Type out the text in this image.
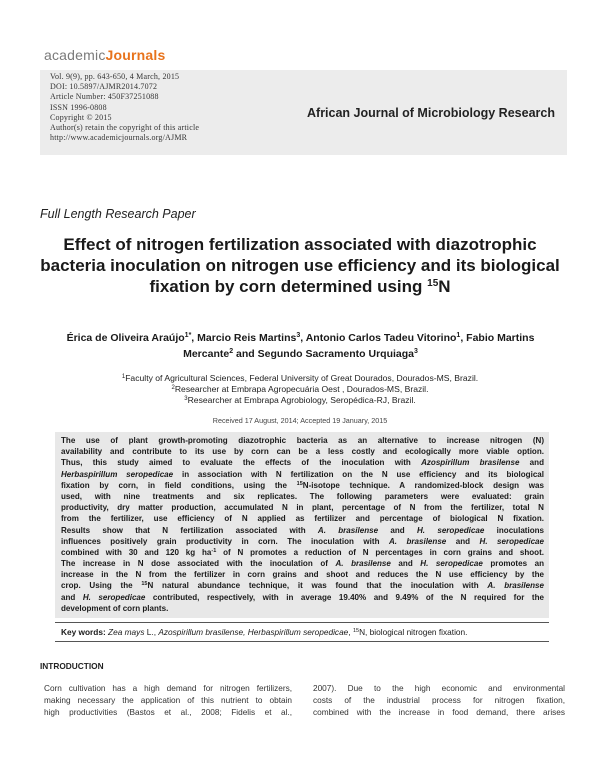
academicJournals
Vol. 9(9), pp. 643-650, 4 March, 2015
DOI: 10.5897/AJMR2014.7072
Article Number: 450F37251088
ISSN 1996-0808
Copyright © 2015
Author(s) retain the copyright of this article
http://www.academicjournals.org/AJMR
African Journal of Microbiology Research
Full Length Research Paper
Effect of nitrogen fertilization associated with diazotrophic bacteria inoculation on nitrogen use efficiency and its biological fixation by corn determined using $^{15}$N
Érica de Oliveira Araújo$^{1*}$, Marcio Reis Martins$^3$, Antonio Carlos Tadeu Vitorino$^1$, Fabio Martins Mercante$^2$ and Segundo Sacramento Urquiaga$^3$
$^1$Faculty of Agricultural Sciences, Federal University of Great Dourados, Dourados-MS, Brazil.
$^2$Researcher at Embrapa Agropecuária Oest , Dourados-MS, Brazil.
$^3$Researcher at Embrapa Agrobiology, Seropédica-RJ, Brazil.
Received 17 August, 2014; Accepted 19 January, 2015
The use of plant growth-promoting diazotrophic bacteria as an alternative to increase nitrogen (N)
availability and contribute to its use by corn can be a less costly and ecologically more viable option.
Thus, this study aimed to evaluate the effects of the inoculation with Azospirillum brasilense and
Herbaspirillum seropedicae in association with N fertilization on the N use efficiency and its biological
fixation by corn, in field conditions, using the $^{15}$N-isotope technique. A randomized-block design was
used, with nine treatments and six replicates. The following parameters were evaluated: grain
productivity, dry matter production, accumulated N in plant, percentage of N from the fertilizer, total N
from the fertilizer, use efficiency of N applied as fertilizer and percentage of biological N fixation.
Results show that N fertilization associated with A. brasilense and H. seropedicae inoculations
influences positively grain productivity in corn. The inoculation with A. brasilense and H. seropedicae
combined with 30 and 120 kg $ha^{-1}$ of N promotes a reduction of N percentages in corn grains and shoot.
The increase in N dose associated with the inoculation of A. brasilense and H. seropedicae promotes an
increase in the N from the fertilizer in corn grains and shoot and reduces the N use efficiency by the
crop. Using the $^{15}$N natural abundance technique, it was found that the inoculation with A. brasilense
and H. seropedicae contributed, respectively, with in average 19.40% and 9.49% of the N required for the
development of corn plants.
Key words: Zea mays L., Azospirillum brasilense, Herbaspirillum seropedicae, $^{15}$N, biological nitrogen fixation.
INTRODUCTION
Corn cultivation has a high demand for nitrogen fertilizers,
making necessary the application of this nutrient to obtain
high productivities (Bastos et al., 2008; Fidelis et al.,
2007). Due to the high economic and environmental
costs of the industrial process for nitrogen fixation,
combined with the increase in food demand, there arises
